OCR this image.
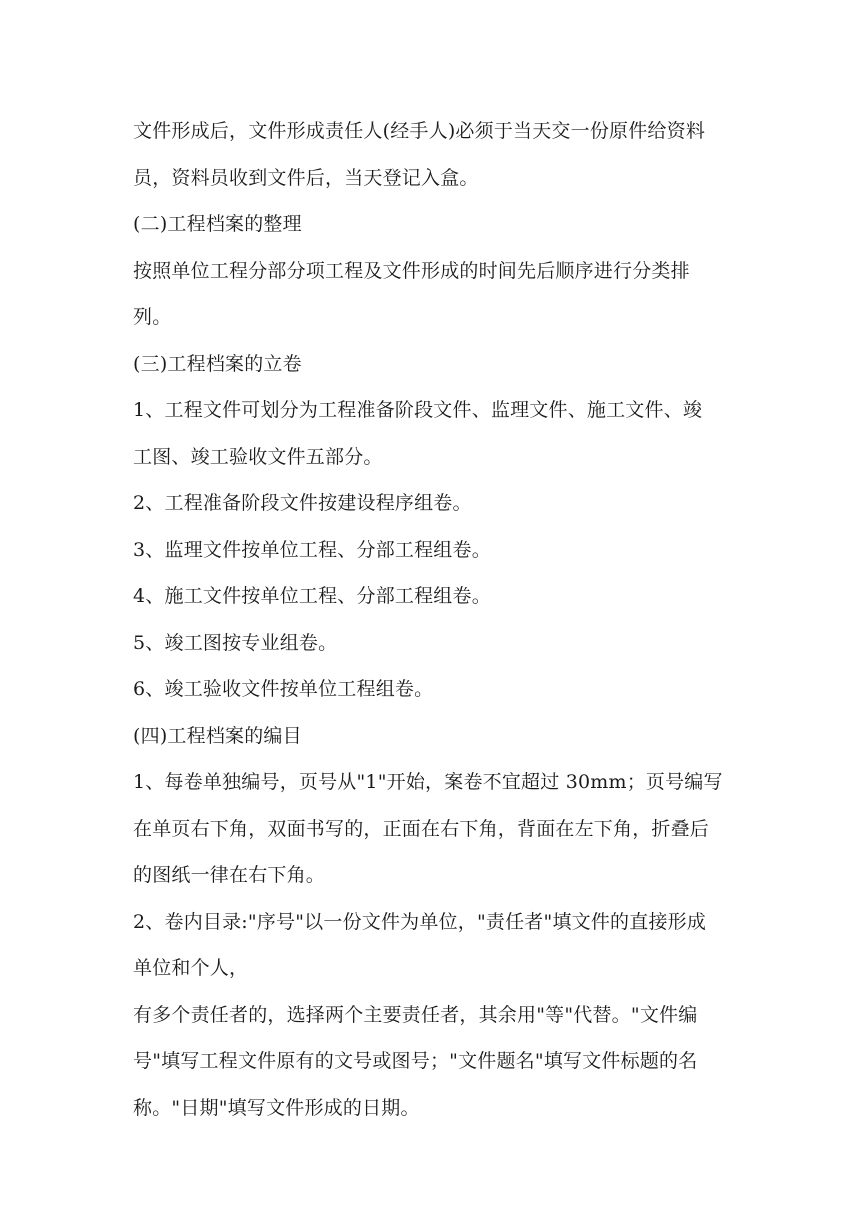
文件形成后，文件形成责任人(经手人)必须于当天交一份原件给资料
员，资料员收到文件后，当天登记入盒。
(二)工程档案的整理
按照单位工程分部分项工程及文件形成的时间先后顺序进行分类排
列。
(三)工程档案的立卷
1、工程文件可划分为工程准备阶段文件、监理文件、施工文件、竣
工图、竣工验收文件五部分。
2、工程准备阶段文件按建设程序组卷。
3、监理文件按单位工程、分部工程组卷。
4、施工文件按单位工程、分部工程组卷。
5、竣工图按专业组卷。
6、竣工验收文件按单位工程组卷。
(四)工程档案的编目
1、每卷单独编号，页号从"1"开始，案卷不宜超过 30mm；页号编写
在单页右下角，双面书写的，正面在右下角，背面在左下角，折叠后
的图纸一律在右下角。
2、卷内目录:"序号"以一份文件为单位，"责任者"填文件的直接形成
单位和个人，
有多个责任者的，选择两个主要责任者，其余用"等"代替。"文件编
号"填写工程文件原有的文号或图号；"文件题名"填写文件标题的名
称。"日期"填写文件形成的日期。
